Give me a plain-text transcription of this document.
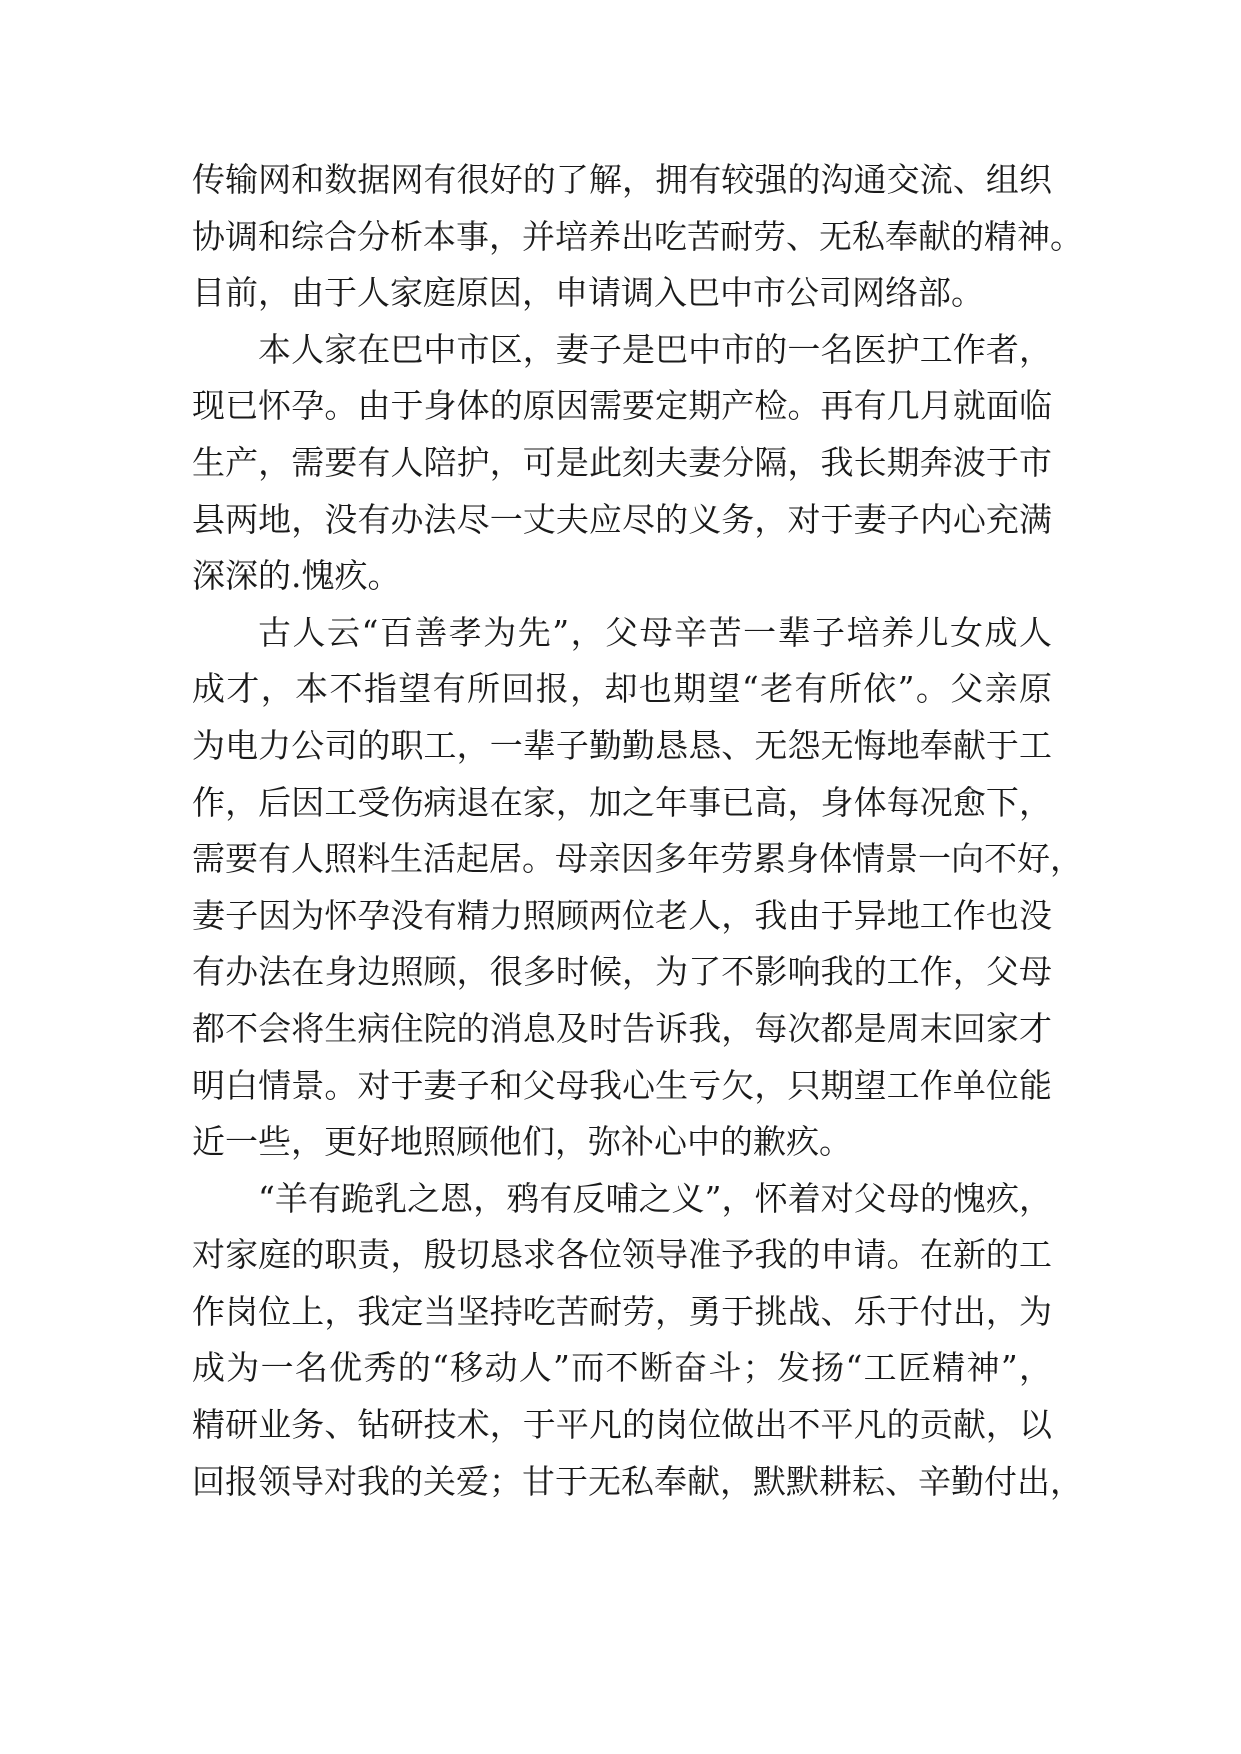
传输网和数据网有很好的了解，拥有较强的沟通交流、组织
协调和综合分析本事，并培养出吃苦耐劳、无私奉献的精神。
目前，由于人家庭原因，申请调入巴中市公司网络部。
本人家在巴中市区，妻子是巴中市的一名医护工作者，
现已怀孕。由于身体的原因需要定期产检。再有几月就面临
生产，需要有人陪护，可是此刻夫妻分隔，我长期奔波于市
县两地，没有办法尽一丈夫应尽的义务，对于妻子内心充满
深深的.愧疚。
古人云“百善孝为先”，父母辛苦一辈子培养儿女成人
成才，本不指望有所回报，却也期望“老有所依”。父亲原
为电力公司的职工，一辈子勤勤恳恳、无怨无悔地奉献于工
作，后因工受伤病退在家，加之年事已高，身体每况愈下，
需要有人照料生活起居。母亲因多年劳累身体情景一向不好，
妻子因为怀孕没有精力照顾两位老人，我由于异地工作也没
有办法在身边照顾，很多时候，为了不影响我的工作，父母
都不会将生病住院的消息及时告诉我，每次都是周末回家才
明白情景。对于妻子和父母我心生亏欠，只期望工作单位能
近一些，更好地照顾他们，弥补心中的歉疚。
“羊有跪乳之恩，鸦有反哺之义”，怀着对父母的愧疚，
对家庭的职责，殷切恳求各位领导准予我的申请。在新的工
作岗位上，我定当坚持吃苦耐劳，勇于挑战、乐于付出，为
成为一名优秀的“移动人”而不断奋斗；发扬“工匠精神”，
精研业务、钻研技术，于平凡的岗位做出不平凡的贡献，以
回报领导对我的关爱；甘于无私奉献，默默耕耘、辛勤付出，
